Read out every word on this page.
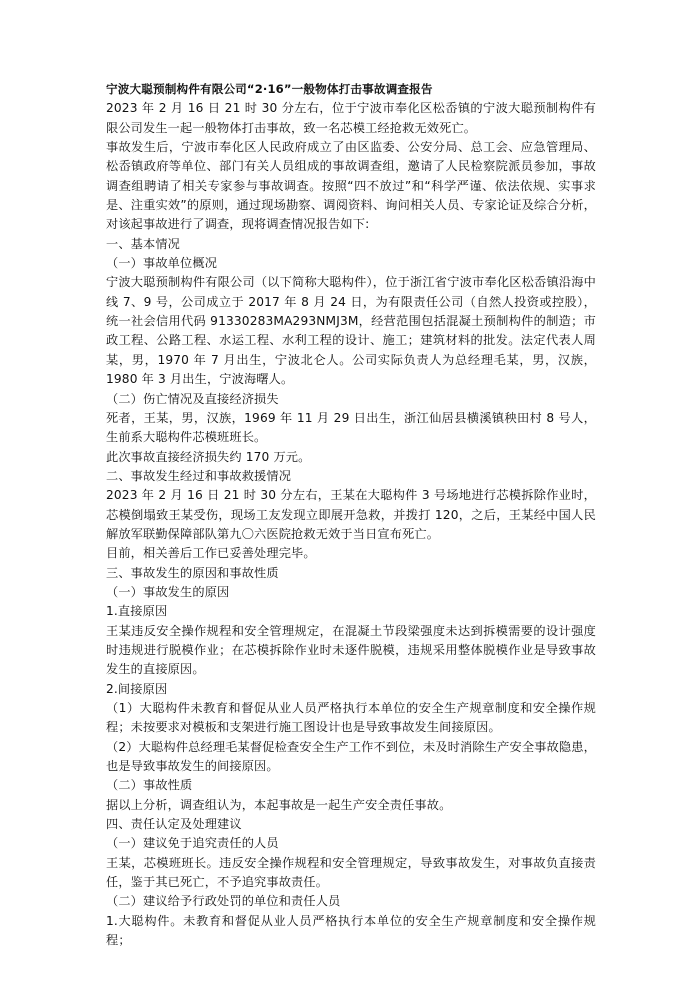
宁波大聪预制构件有限公司“2·16”一般物体打击事故调查报告

2023 年 2 月 16 日 21 时 30 分左右，位于宁波市奉化区松岙镇的宁波大聪预制构件有限公司发生一起一般物体打击事故，致一名芯模工经抢救无效死亡。

事故发生后，宁波市奉化区人民政府成立了由区监委、公安分局、总工会、应急管理局、松岙镇政府等单位、部门有关人员组成的事故调查组，邀请了人民检察院派员参加，事故调查组聘请了相关专家参与事故调查。按照“四不放过”和“科学严谨、依法依规、实事求是、注重实效”的原则，通过现场勘察、调阅资料、询问相关人员、专家论证及综合分析，对该起事故进行了调查，现将调查情况报告如下:

一、基本情况

（一）事故单位概况

宁波大聪预制构件有限公司（以下简称大聪构件），位于浙江省宁波市奉化区松岙镇沿海中线 7、9 号，公司成立于 2017 年 8 月 24 日，为有限责任公司（自然人投资或控股），统一社会信用代码 91330283MA293NMJ3M，经营范围包括混凝土预制构件的制造；市政工程、公路工程、水运工程、水利工程的设计、施工；建筑材料的批发。法定代表人周某，男，1970 年 7 月出生，宁波北仑人。公司实际负责人为总经理毛某，男，汉族，1980 年 3 月出生，宁波海曙人。

（二）伤亡情况及直接经济损失

死者，王某，男，汉族，1969 年 11 月 29 日出生，浙江仙居县横溪镇秧田村 8 号人，生前系大聪构件芯模班班长。

此次事故直接经济损失约 170 万元。

二、事故发生经过和事故救援情况

2023 年 2 月 16 日 21 时 30 分左右，王某在大聪构件 3 号场地进行芯模拆除作业时，芯模倒塌致王某受伤，现场工友发现立即展开急救，并拨打 120，之后，王某经中国人民解放军联勤保障部队第九〇六医院抢救无效于当日宣布死亡。

目前，相关善后工作已妥善处理完毕。

三、事故发生的原因和事故性质

（一）事故发生的原因

1.直接原因

王某违反安全操作规程和安全管理规定，在混凝土节段梁强度未达到拆模需要的设计强度时违规进行脱模作业；在芯模拆除作业时未逐件脱模，违规采用整体脱模作业是导致事故发生的直接原因。

2.间接原因

（1）大聪构件未教育和督促从业人员严格执行本单位的安全生产规章制度和安全操作规程；未按要求对模板和支架进行施工图设计也是导致事故发生间接原因。

（2）大聪构件总经理毛某督促检查安全生产工作不到位，未及时消除生产安全事故隐患，也是导致事故发生的间接原因。

（二）事故性质

据以上分析，调查组认为，本起事故是一起生产安全责任事故。

四、责任认定及处理建议

（一）建议免于追究责任的人员

王某，芯模班班长。违反安全操作规程和安全管理规定，导致事故发生，对事故负直接责任，鉴于其已死亡，不予追究事故责任。

（二）建议给予行政处罚的单位和责任人员

1.大聪构件。未教育和督促从业人员严格执行本单位的安全生产规章制度和安全操作规程；
